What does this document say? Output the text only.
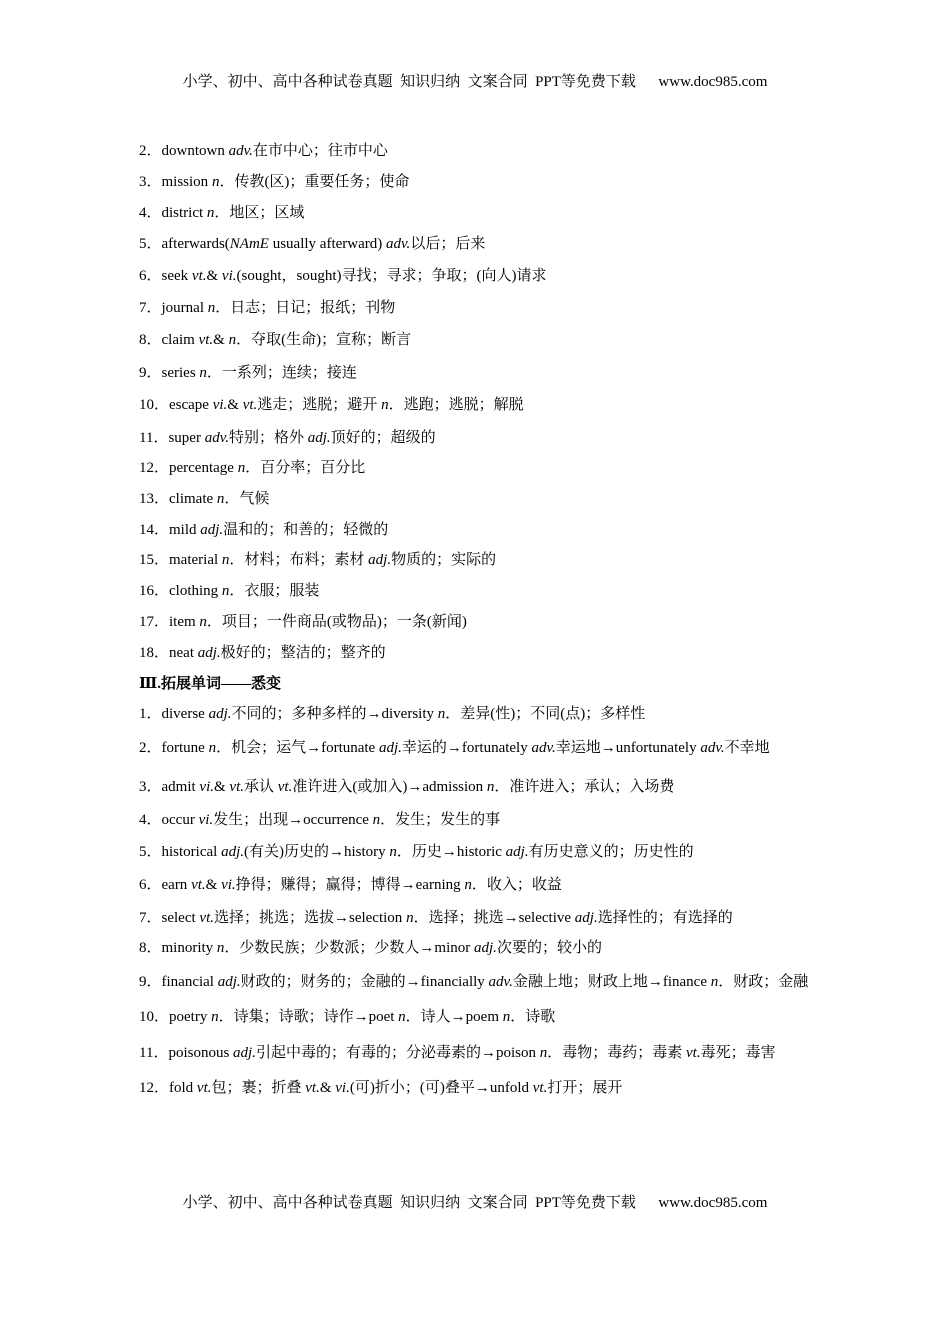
小学、初中、高中各种试卷真题  知识归纳  文案合同  PPT等免费下载      www.doc985.com

2．downtown adv.在市中心；往市中心

3．mission n．传教(区)；重要任务；使命

4．district n．地区；区域

5．afterwards(NAmE usually afterward) adv.以后；后来

6．seek vt.& vi.(sought，sought)寻找；寻求；争取；(向人)请求

7．journal n．日志；日记；报纸；刊物

8．claim vt.& n．夺取(生命)；宣称；断言

9．series n．一系列；连续；接连

10．escape vi.& vt.逃走；逃脱；避开 n．逃跑；逃脱；解脱

11．super adv.特别；格外 adj.顶好的；超级的

12．percentage n．百分率；百分比

13．climate n．气候

14．mild adj.温和的；和善的；轻微的

15．material n．材料；布料；素材 adj.物质的；实际的

16．clothing n．衣服；服装

17．item n．项目；一件商品(或物品)；一条(新闻)

18．neat adj.极好的；整洁的；整齐的

Ⅲ.拓展单词——悉变

1．diverse adj.不同的；多种多样的→diversity n．差异(性)；不同(点)；多样性

2．fortune n．机会；运气→fortunate adj.幸运的→fortunately adv.幸运地→unfortunately adv.不幸地

3．admit vi.& vt.承认 vt.准许进入(或加入)→admission n．准许进入；承认；入场费

4．occur vi.发生；出现→occurrence n．发生；发生的事

5．historical adj.(有关)历史的→history n．历史→historic adj.有历史意义的；历史性的

6．earn vt.& vi.挣得；赚得；赢得；博得→earning n．收入；收益

7．select vt.选择；挑选；选拔→selection n．选择；挑选→selective adj.选择性的；有选择的

8．minority n．少数民族；少数派；少数人→minor adj.次要的；较小的

9．financial adj.财政的；财务的；金融的→financially adv.金融上地；财政上地→finance n．财政；金融

10．poetry n．诗集；诗歌；诗作→poet n．诗人→poem n．诗歌

11．poisonous adj.引起中毒的；有毒的；分泌毒素的→poison n．毒物；毒药；毒素 vt.毒死；毒害

12．fold vt.包；裹；折叠 vt.& vi.(可)折小；(可)叠平→unfold vt.打开；展开

小学、初中、高中各种试卷真题  知识归纳  文案合同  PPT等免费下载      www.doc985.com
